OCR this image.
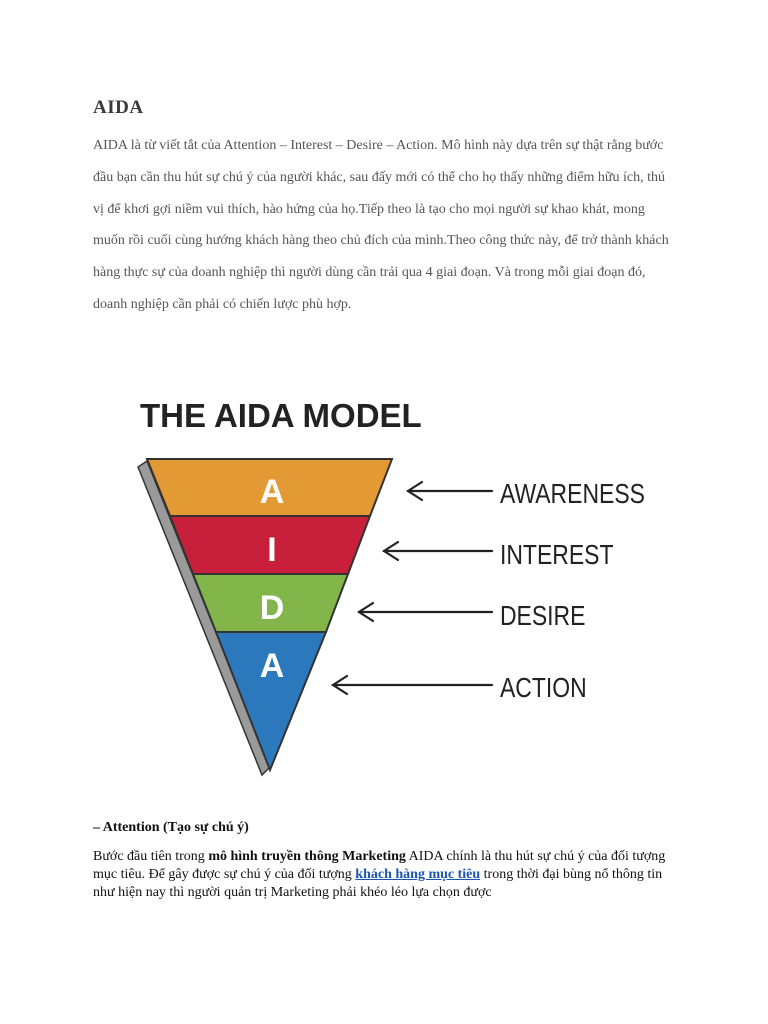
AIDA

AIDA là từ viết tắt của Attention – Interest – Desire – Action. Mô hình này dựa trên sự thật rằng bước đầu bạn cần thu hút sự chú ý của người khác, sau đấy mới có thể cho họ thấy những điểm hữu ích, thú vị để khơi gợi niềm vui thích, hào hứng của họ.Tiếp theo là tạo cho mọi người sự khao khát, mong muốn rồi cuối cùng hướng khách hàng theo chủ đích của mình.Theo công thức này, để trở thành khách hàng thực sự của doanh nghiệp thì người dùng cần trải qua 4 giai đoạn. Và trong mỗi giai đoạn đó, doanh nghiệp cần phải có chiến lược phù hợp.

THE AIDA MODEL
A
I
D
A
AWARENESS
INTEREST
DESIRE
ACTION

– Attention (Tạo sự chú ý)

Bước đầu tiên trong mô hình truyền thông Marketing AIDA chính là thu hút sự chú ý của đối tượng mục tiêu. Để gây được sự chú ý của đối tượng khách hàng mục tiêu trong thời đại bùng nổ thông tin như hiện nay thì người quản trị Marketing phải khéo léo lựa chọn được
